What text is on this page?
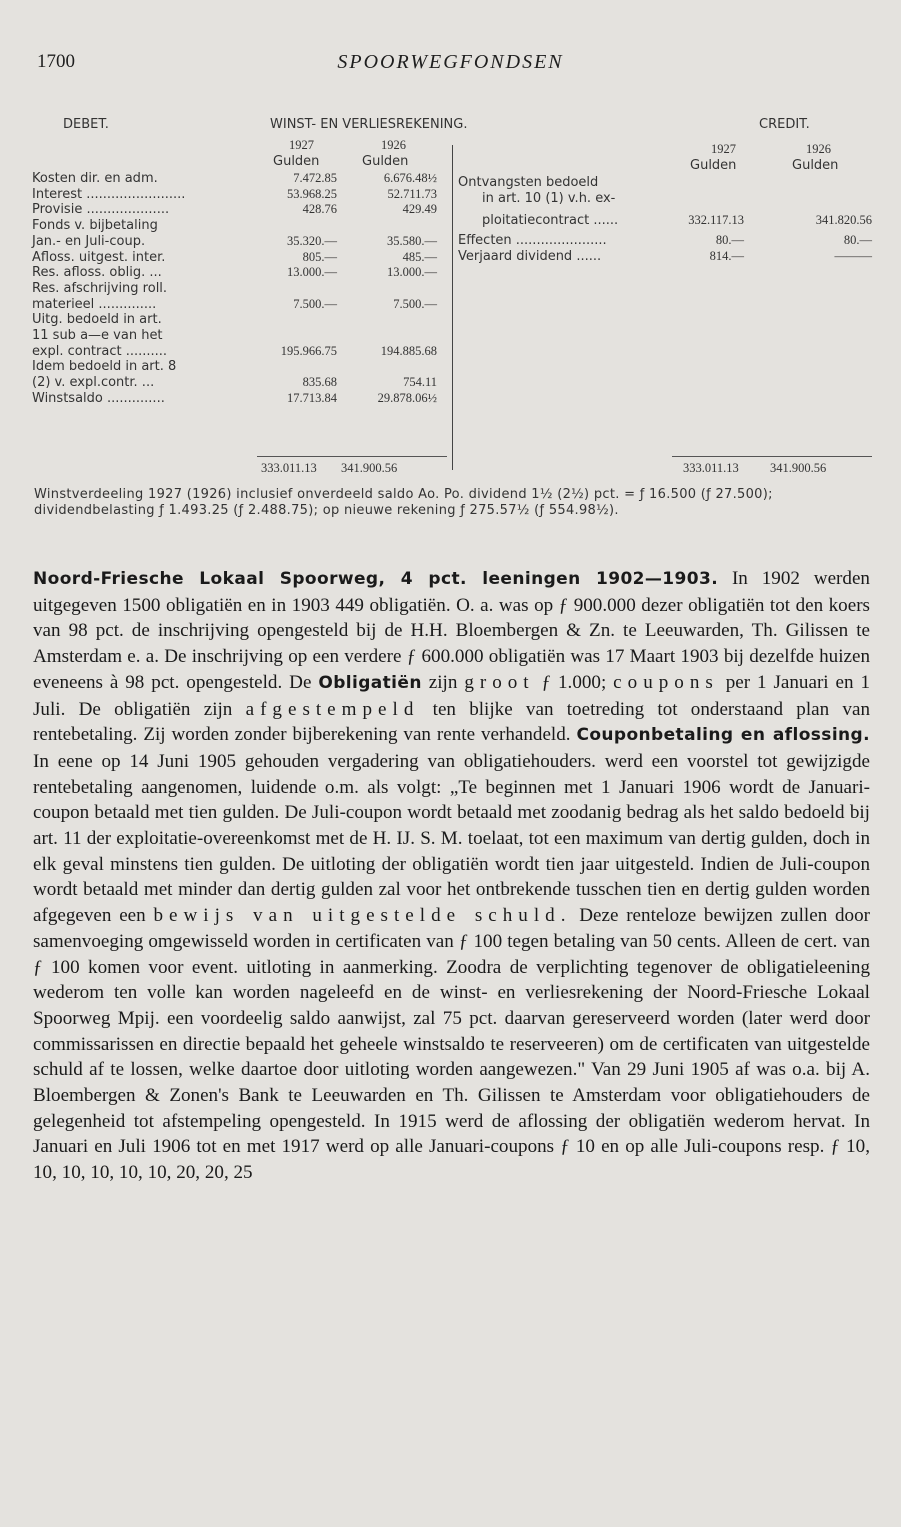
1700	SPOORWEGFONDSEN
DEBET.	WINST- EN VERLIESREKENING.	CREDIT.
1927	1926
Gulden	Gulden
1927	1926
Gulden	Gulden
Kosten dir. en adm.	7.472.85	6.676.48½
Interest ........................	53.968.25	52.711.73
Provisie ....................	428.76	429.49
Fonds v. bijbetaling
Jan.- en Juli-coup.	35.320.—	35.580.—
Afloss. uitgest. inter.	805.—	485.—
Res. afloss. oblig. ...	13.000.—	13.000.—
Res. afschrijving roll.
materieel ..............	7.500.—	7.500.—
Uitg. bedoeld in art.
11 sub a—e van het
expl. contract ..........	195.966.75	194.885.68
Idem bedoeld in art. 8
(2) v. expl.contr. ...	835.68	754.11
Winstsaldo ..............	17.713.84	29.878.06½
Ontvangsten bedoeld
in art. 10 (1) v.h. ex-
ploitatiecontract ......	332.117.13	341.820.56
Effecten ......................	80.—	80.—
Verjaard dividend ......	814.—	———
333.011.13 341.900.56	333.011.13 341.900.56
Winstverdeeling 1927 (1926) inclusief onverdeeld saldo Ao. Po. dividend 1½ (2½) pct. = ƒ 16.500 (ƒ 27.500); dividendbelasting ƒ 1.493.25 (ƒ 2.488.75); op nieuwe rekening ƒ 275.57½ (ƒ 554.98½).

Noord-Friesche Lokaal Spoorweg, 4 pct. leeningen 1902—1903. In 1902 werden uitgegeven 1500 obligatiën en in 1903 449 obligatiën. O. a. was op ƒ 900.000 dezer obligatiën tot den koers van 98 pct. de inschrijving opengesteld bij de H.H. Bloembergen & Zn. te Leeuwarden, Th. Gilissen te Amsterdam e. a. De inschrijving op een verdere ƒ 600.000 obligatiën was 17 Maart 1903 bij dezelfde huizen eveneens à 98 pct. opengesteld. De Obligatiën zijn groot ƒ 1.000; coupons per 1 Januari en 1 Juli. De obligatiën zijn afgestempeld ten blijke van toetreding tot onderstaand plan van rentebetaling. Zij worden zonder bijberekening van rente verhandeld. Couponbetaling en aflossing. In eene op 14 Juni 1905 gehouden vergadering van obligatiehouders. werd een voorstel tot gewijzigde rentebetaling aangenomen, luidende o.m. als volgt: „Te beginnen met 1 Januari 1906 wordt de Januari-coupon betaald met tien gulden. De Juli-coupon wordt betaald met zoodanig bedrag als het saldo bedoeld bij art. 11 der exploitatie-overeenkomst met de H. IJ. S. M. toelaat, tot een maximum van dertig gulden, doch in elk geval minstens tien gulden. De uitloting der obligatiën wordt tien jaar uitgesteld. Indien de Juli-coupon wordt betaald met minder dan dertig gulden zal voor het ontbrekende tusschen tien en dertig gulden worden afgegeven een bewijs van uitgestelde schuld. Deze renteloze bewijzen zullen door samenvoeging omgewisseld worden in certificaten van ƒ 100 tegen betaling van 50 cents. Alleen de cert. van ƒ 100 komen voor event. uitloting in aanmerking. Zoodra de verplichting tegenover de obligatieleening wederom ten volle kan worden nageleefd en de winst- en verliesrekening der Noord-Friesche Lokaal Spoorweg Mpij. een voordeelig saldo aanwijst, zal 75 pct. daarvan gereserveerd worden (later werd door commissarissen en directie bepaald het geheele winstsaldo te reserveeren) om de certificaten van uitgestelde schuld af te lossen, welke daartoe door uitloting worden aangewezen." Van 29 Juni 1905 af was o.a. bij A. Bloembergen & Zonen's Bank te Leeuwarden en Th. Gilissen te Amsterdam voor obligatiehouders de gelegenheid tot afstempeling opengesteld. In 1915 werd de aflossing der obligatiën wederom hervat. In Januari en Juli 1906 tot en met 1917 werd op alle Januari-coupons ƒ 10 en op alle Juli-coupons resp. ƒ 10, 10, 10, 10, 10, 10, 20, 20, 25
